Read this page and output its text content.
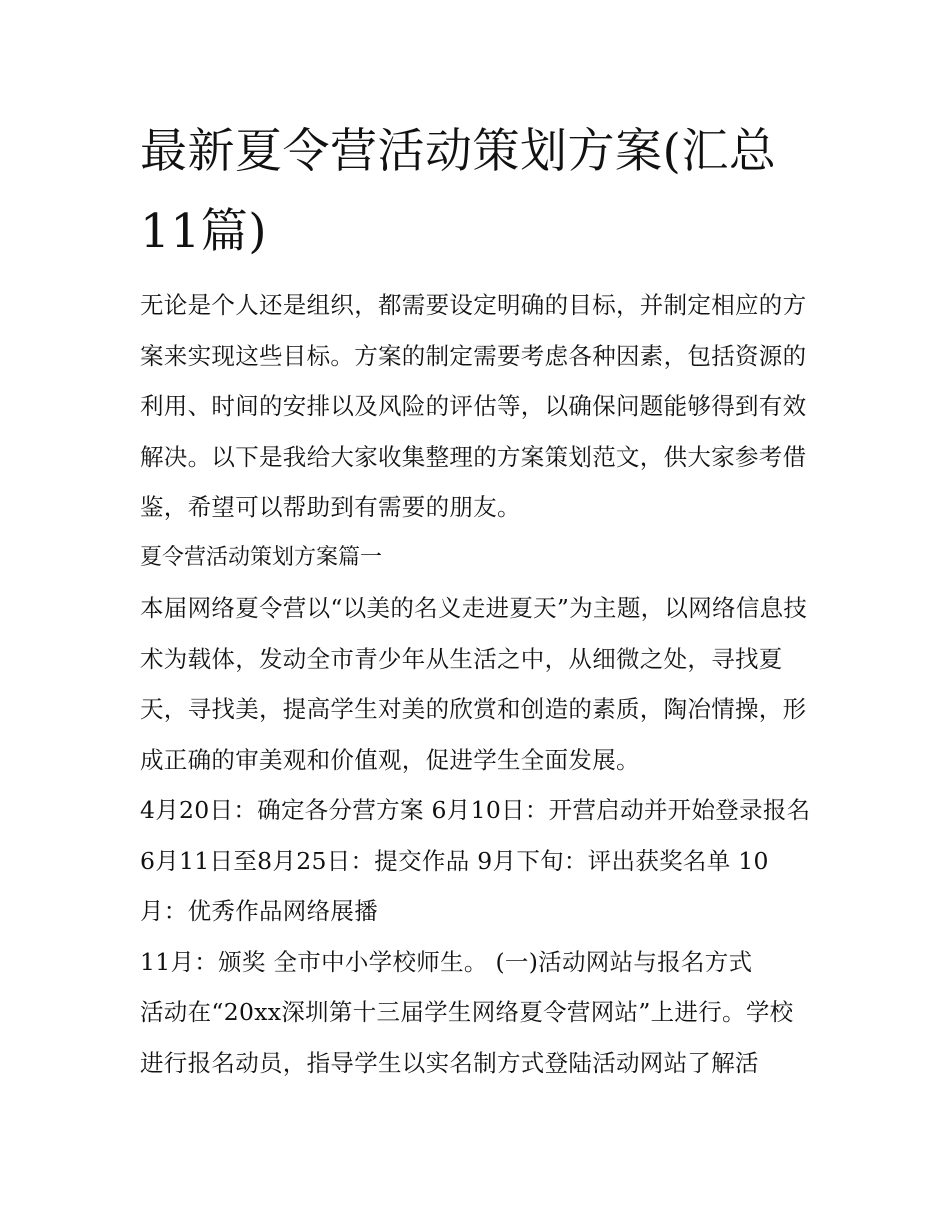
最新夏令营活动策划方案(汇总11篇)

无论是个人还是组织，都需要设定明确的目标，并制定相应的方案来实现这些目标。方案的制定需要考虑各种因素，包括资源的利用、时间的安排以及风险的评估等，以确保问题能够得到有效解决。以下是我给大家收集整理的方案策划范文，供大家参考借鉴，希望可以帮助到有需要的朋友。

夏令营活动策划方案篇一

本届网络夏令营以“以美的名义走进夏天”为主题，以网络信息技术为载体，发动全市青少年从生活之中，从细微之处，寻找夏天，寻找美，提高学生对美的欣赏和创造的素质，陶冶情操，形成正确的审美观和价值观，促进学生全面发展。

4月20日：确定各分营方案 6月10日：开营启动并开始登录报名 6月11日至8月25日：提交作品 9月下旬：评出获奖名单 10月：优秀作品网络展播

11月：颁奖 全市中小学校师生。 (一)活动网站与报名方式

活动在“20xx深圳第十三届学生网络夏令营网站”上进行。学校进行报名动员，指导学生以实名制方式登陆活动网站了解活
